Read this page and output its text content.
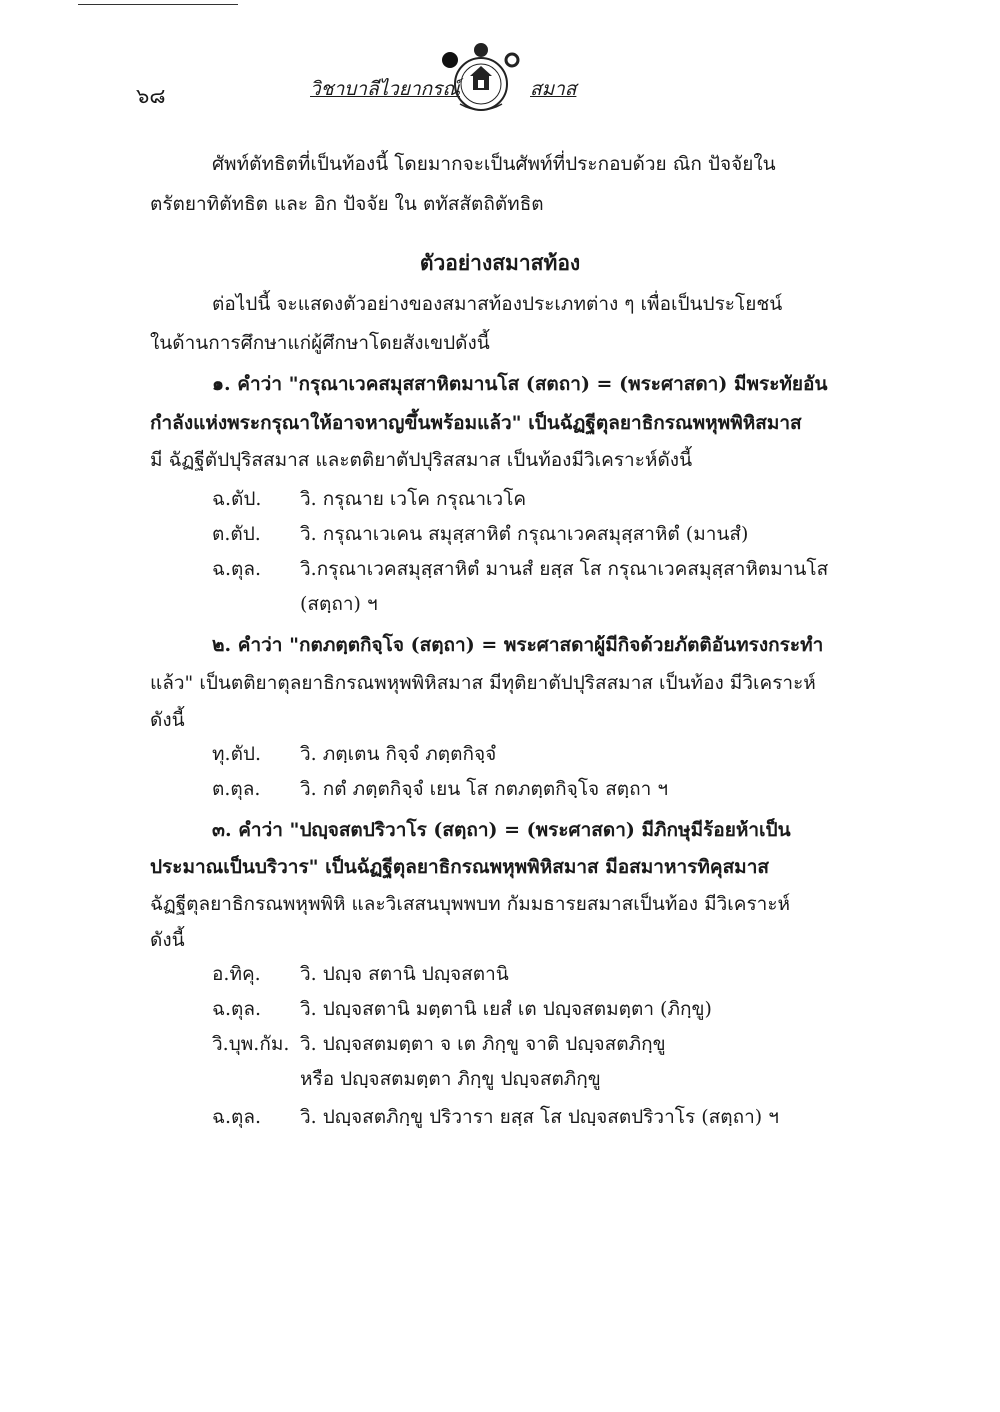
๖๘	วิชาบาลีไวยากรณ์	สมาส
ศัพท์ตัทธิตที่เป็นท้องนี้ โดยมากจะเป็นศัพท์ที่ประกอบด้วย ณิก ปัจจัยใน
ตรัตยาทิตัทธิต และ อิก ปัจจัย ใน ตทัสสัตถิตัทธิต
ตัวอย่างสมาสท้อง
ต่อไปนี้ จะแสดงตัวอย่างของสมาสท้องประเภทต่าง ๆ เพื่อเป็นประโยชน์
ในด้านการศึกษาแก่ผู้ศึกษาโดยสังเขปดังนี้
๑. คำว่า "กรุณาเวคสมุสสาหิตมานโส (สตถา) = (พระศาสดา) มีพระทัยอัน
กำลังแห่งพระกรุณาให้อาจหาญขึ้นพร้อมแล้ว" เป็นฉัฏฐีตุลยาธิกรณพหุพพิหิสมาส
มี ฉัฏฐีตัปปุริสสมาส และตติยาตัปปุริสสมาส เป็นท้องมีวิเคราะห์ดังนี้
ฉ.ตัป. วิ. กรุณาย เวโค กรุณาเวโค
ต.ตัป. วิ. กรุณาเวเคน สมุสฺสาหิตํ กรุณาเวคสมุสฺสาหิตํ (มานสํ)
ฉ.ตุล. วิ.กรุณาเวคสมุสฺสาหิตํ มานสํ ยสฺส โส กรุณาเวคสมุสฺสาหิตมานโส
(สตฺถา) ฯ
๒. คำว่า "กตภตฺตกิจฺโจ (สตฺถา) = พระศาสดาผู้มีกิจด้วยภัตติอันทรงกระทำ
แล้ว" เป็นตติยาตุลยาธิกรณพหุพพิหิสมาส มีทุติยาตัปปุริสสมาส เป็นท้อง มีวิเคราะห์
ดังนี้
ทุ.ตัป. วิ. ภตฺเตน กิจฺจํ ภตฺตกิจฺจํ
ต.ตุล. วิ. กตํ ภตฺตกิจฺจํ เยน โส กตภตฺตกิจฺโจ สตฺถา ฯ
๓. คำว่า "ปญฺจสตปริวาโร (สตฺถา) = (พระศาสดา) มีภิกษุมีร้อยห้าเป็น
ประมาณเป็นบริวาร" เป็นฉัฏฐีตุลยาธิกรณพหุพพิหิสมาส มีอสมาหารทิคุสมาส
ฉัฏฐีตุลยาธิกรณพหุพพิหิ และวิเสสนบุพพบท กัมมธารยสมาสเป็นท้อง มีวิเคราะห์
ดังนี้
อ.ทิคุ. วิ. ปญฺจ สตานิ ปญฺจสตานิ
ฉ.ตุล. วิ. ปญฺจสตานิ มตฺตานิ เยสํ เต ปญฺจสตมตฺตา (ภิกฺขู)
วิ.บุพ.กัม. วิ. ปญฺจสตมตฺตา จ เต ภิกฺขู จาติ ปญฺจสตภิกฺขู
หรือ ปญฺจสตมตฺตา ภิกฺขู ปญฺจสตภิกฺขู
ฉ.ตุล. วิ. ปญฺจสตภิกฺขู ปริวารา ยสฺส โส ปญฺจสตปริวาโร (สตฺถา) ฯ
